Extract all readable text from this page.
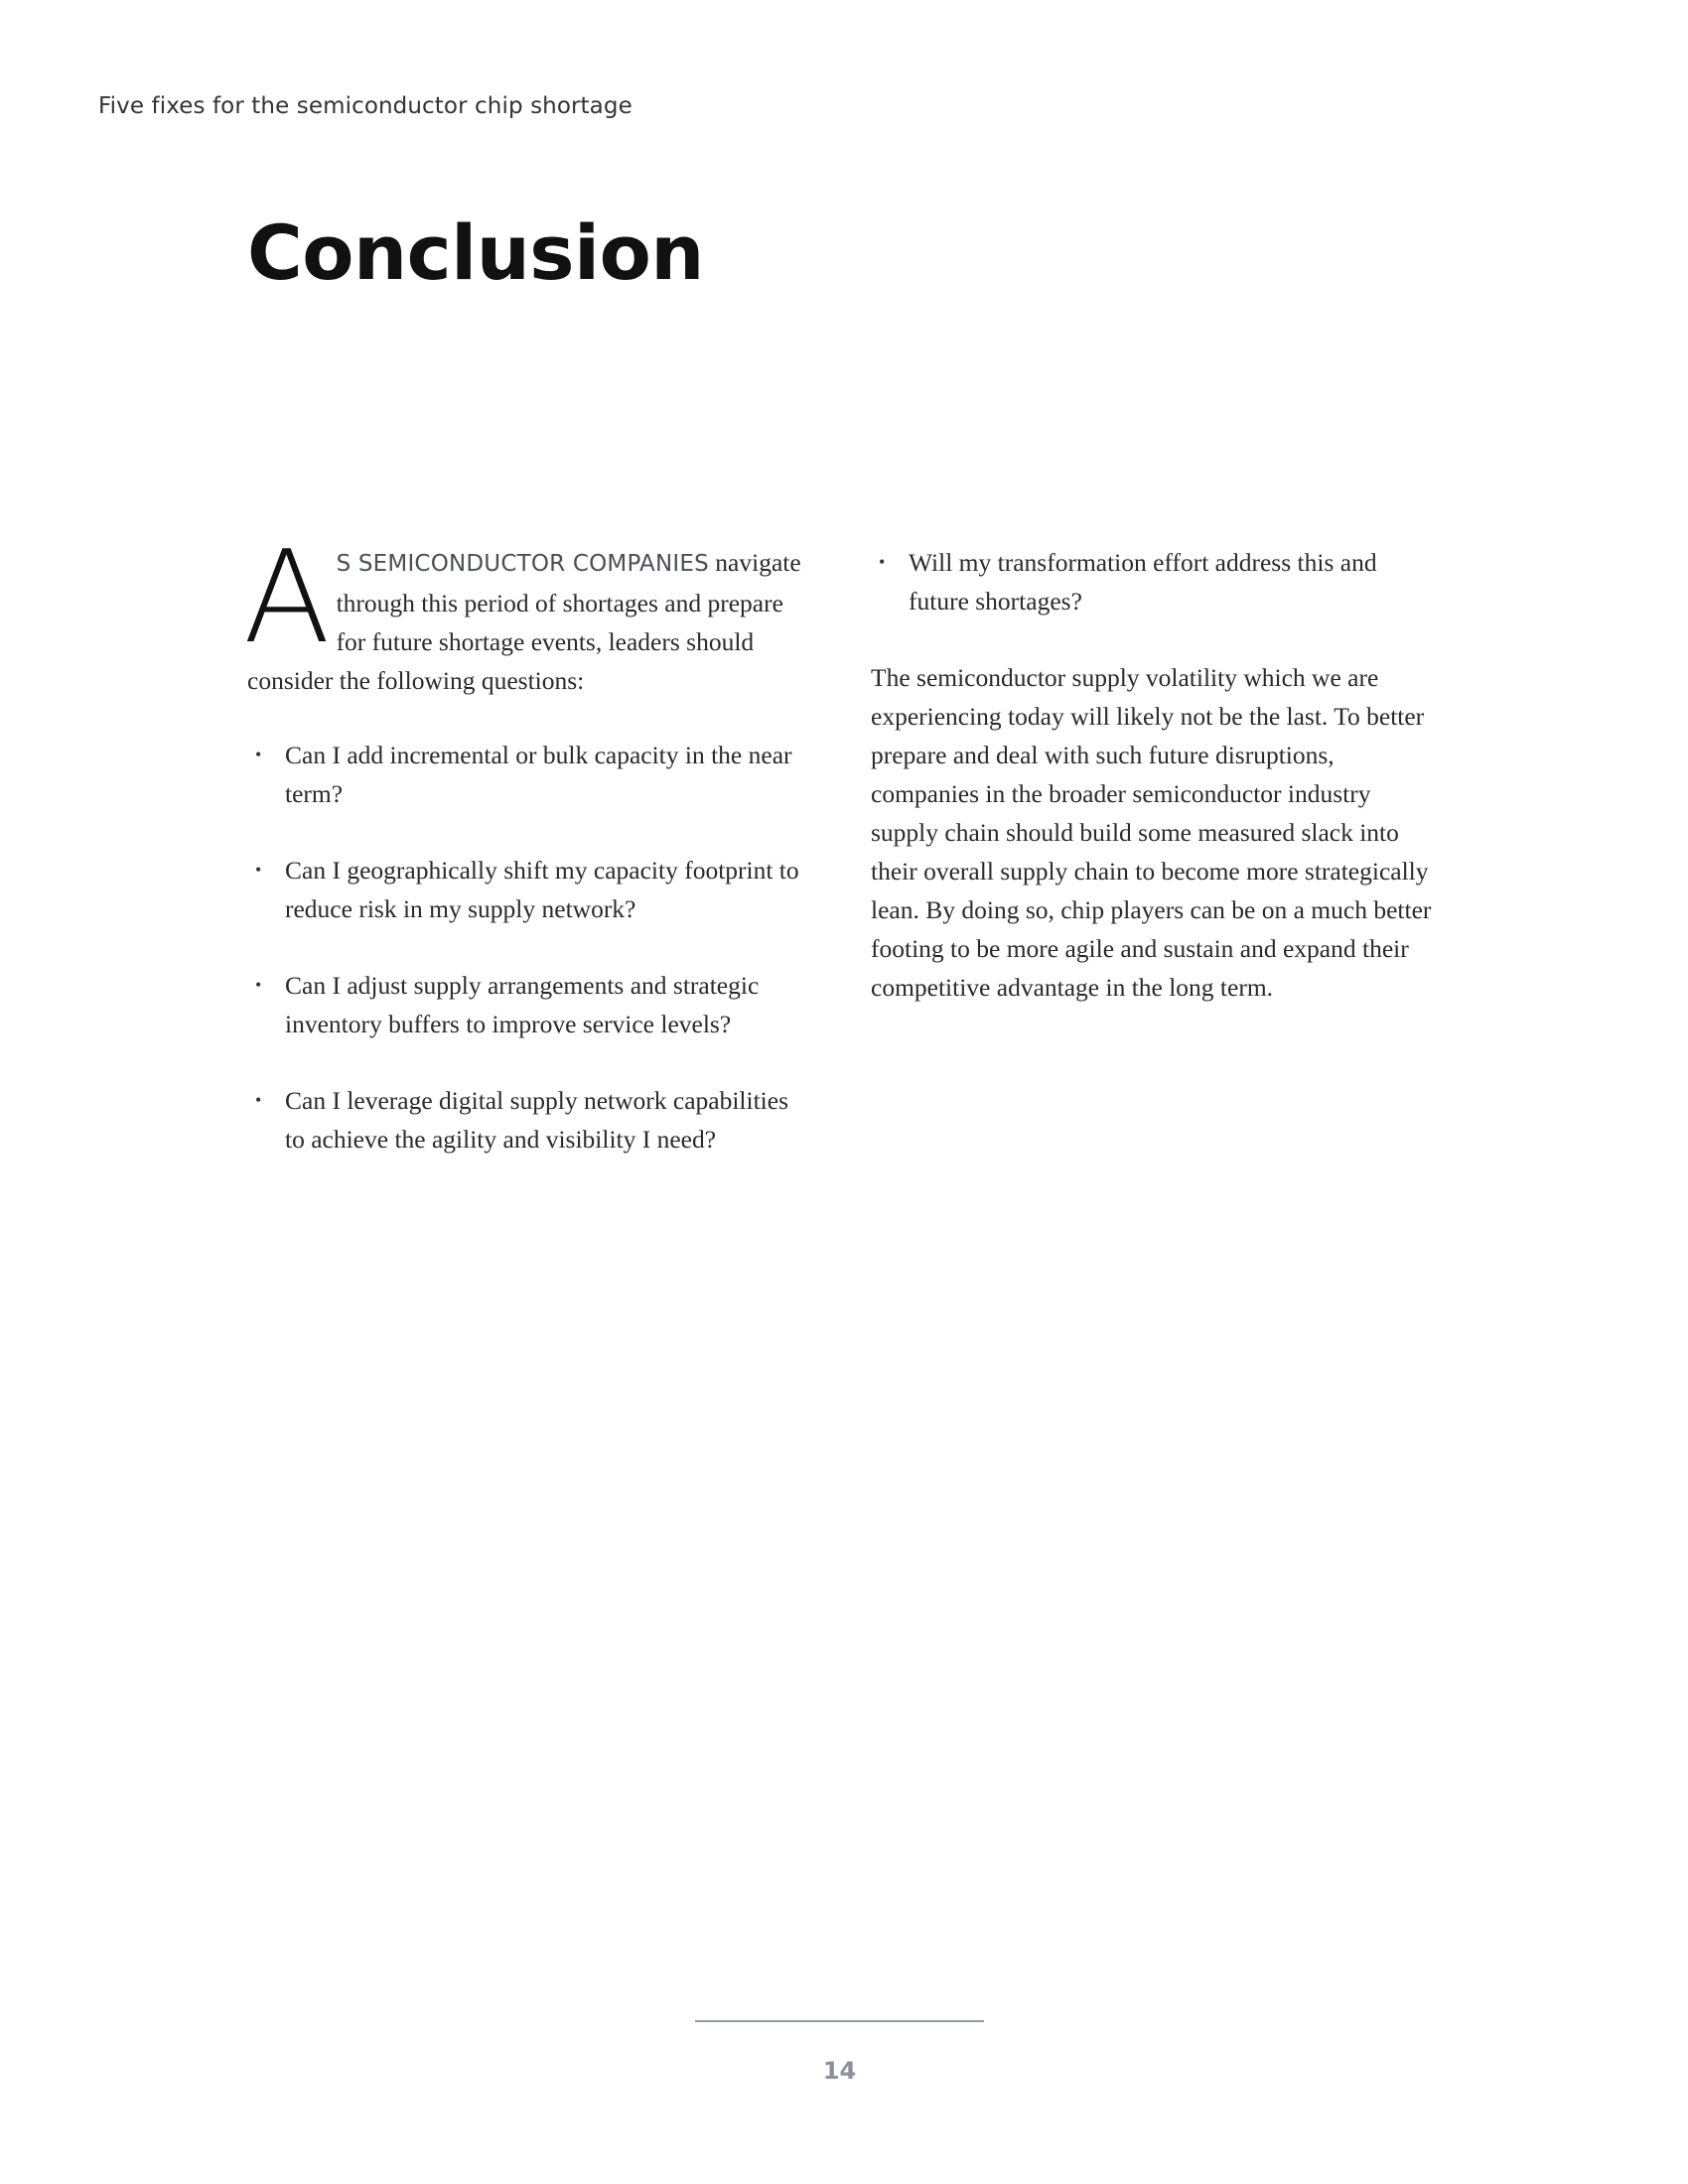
Five fixes for the semiconductor chip shortage
Conclusion

A S SEMICONDUCTOR COMPANIES navigate through this period of shortages and prepare for future shortage events, leaders should consider the following questions:

• Can I add incremental or bulk capacity in the near term?
• Can I geographically shift my capacity footprint to reduce risk in my supply network?
• Can I adjust supply arrangements and strategic inventory buffers to improve service levels?
• Can I leverage digital supply network capabilities to achieve the agility and visibility I need?
• Will my transformation effort address this and future shortages?

The semiconductor supply volatility which we are experiencing today will likely not be the last. To better prepare and deal with such future disruptions, companies in the broader semiconductor industry supply chain should build some measured slack into their overall supply chain to become more strategically lean. By doing so, chip players can be on a much better footing to be more agile and sustain and expand their competitive advantage in the long term.

14
